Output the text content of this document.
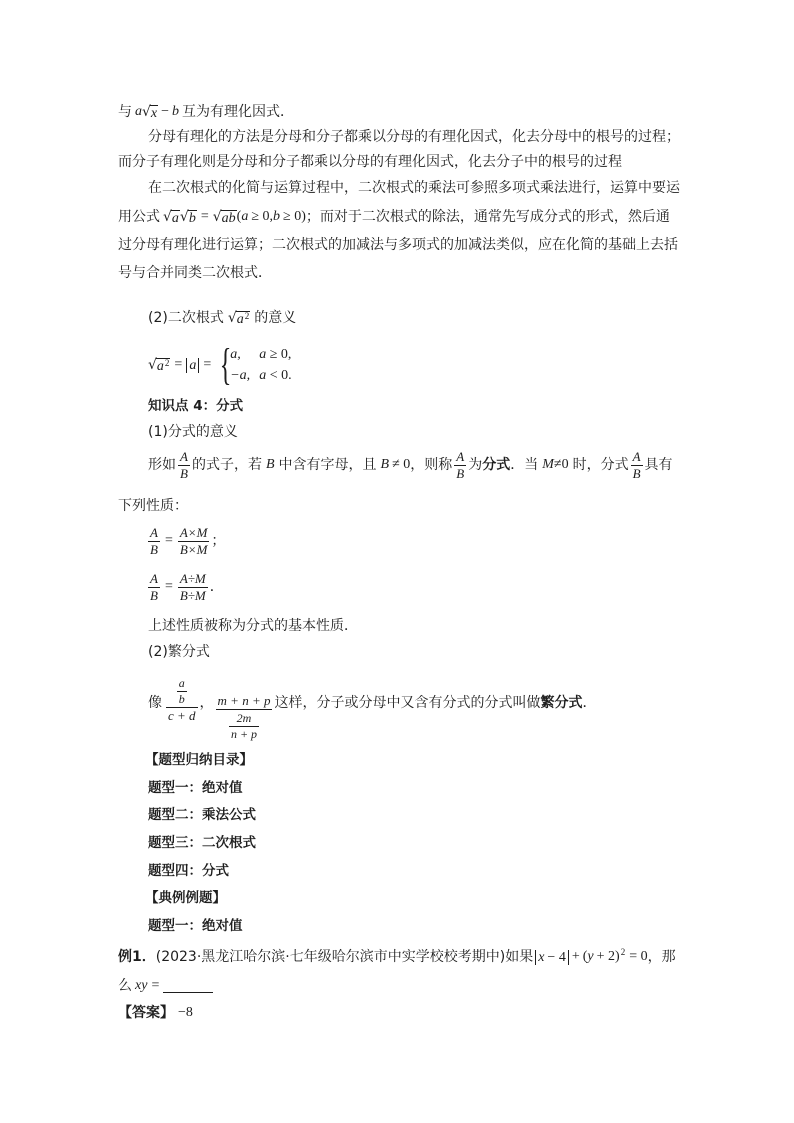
与 a √ x − b 互为有理化因式．
分母有理化的方法是分母和分子都乘以分母的有理化因式，化去分母中的根号的过程；
而分子有理化则是分母和分子都乘以分母的有理化因式，化去分子中的根号的过程
在二次根式的化简与运算过程中，二次根式的乘法可参照多项式乘法进行，运算中要运
用公式 √ a √ b = √ ab ( a ≥ 0, b ≥ 0) ；而对于二次根式的除法，通常先写成分式的形式，然后通
过分母有理化进行运算；二次根式的加减法与多项式的加减法类似，应在化简的基础上去括
号与合并同类二次根式．
(2)二次根式 √ a 2 的意义
√ a 2 = a =
{
a,	a ≥ 0,
−a, a < 0.
知识点 4：分式
(1)分式的意义
形如 $\frac{A}{B}$ 的式子，若 B 中含有字母，且 B ≠ 0 ，则称 $\frac{A}{B}$ 为 分式 ．当 M ≠0 时，分式 $\frac{A}{B}$ 具有
下列性质：
$\frac{A}{B} = \frac{A\times M}{B\times M}$ ；
$\frac{A}{B} = \frac{A\div M}{B\div M}$ ．
上述性质被称为分式的基本性质．
(2)繁分式
像 $\frac{\frac{a}{b}}{c + d}$ ， $\frac{m + n + p}{\frac{2m}{n + p}}$ 这样，分子或分母中又含有分式的分式叫做 繁分式 ．
【题型归纳目录】
题型一：绝对值
题型二：乘法公式
题型三：二次根式
题型四：分式
【典例例题】
题型一：绝对值
例1． (2023·黑龙江哈尔滨·七年级哈尔滨市中实学校校考期中)如果 x − 4 + ( y + 2) 2 = 0 ，那
么 xy =
【答案】 −8
